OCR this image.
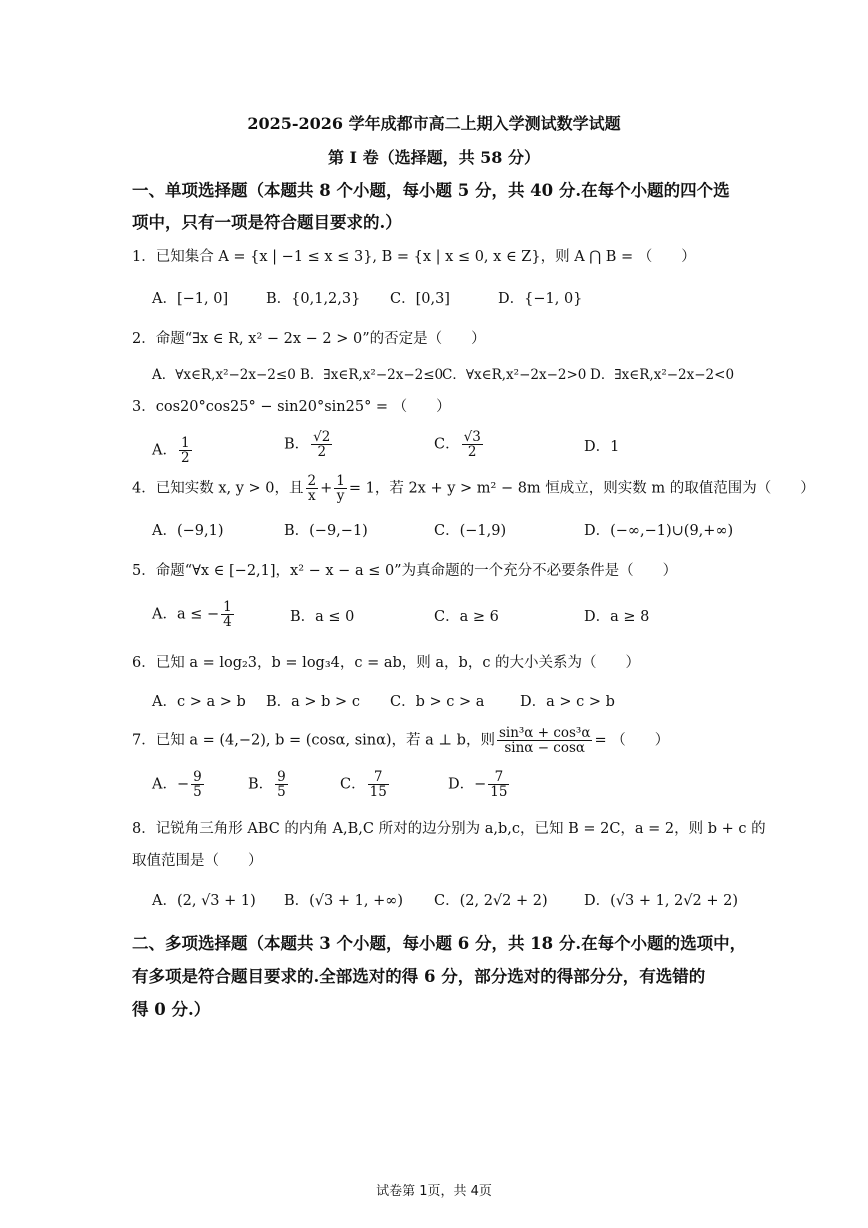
2025-2026 学年成都市高二上期入学测试数学试题
第 I 卷（选择题，共 58 分）
一、单项选择题（本题共 8 个小题，每小题 5 分，共 40 分.在每个小题的四个选
项中，只有一项是符合题目要求的.）
1．已知集合 A = {x | −1 ≤ x ≤ 3}, B = {x | x ≤ 0, x ∈ Z}，则 A ⋂ B = （　　）
A．[−1, 0]	B．{0,1,2,3} C．[0,3]	D．{−1, 0}
2．命题“∃x ∈ R, x² − 2x − 2 > 0”的否定是（　　）
A．∀x∈R,x²−2x−2≤0 B．∃x∈R,x²−2x−2≤0
C．∀x∈R,x²−2x−2>0 D．∃x∈R,x²−2x−2<0
3．cos20°cos25° − sin20°sin25° = （　　）
A． $\frac{1}{2}$	B． $\frac{√2}{2}$	C． $\frac{√3}{2}$	D．1
4．已知实数 x, y > 0，且 $\frac{2}{x} + \frac{1}{y} = 1$，若 2x + y > m² − 8m 恒成立，则实数 m 的取值范围为（　　）
A．(−9,1)	B．(−9,−1)	C．(−1,9)	D．(−∞,−1)∪(9,+∞)
5．命题“∀x ∈ [−2,1]，x² − x − a ≤ 0”为真命题的一个充分不必要条件是（　　）
A．a ≤ − $\frac{1}{4}$	B．a ≤ 0	C．a ≥ 6	D．a ≥ 8
6．已知 a = log₂3，b = log₃4，c = ab，则 a，b，c 的大小关系为（　　）
A．c > a > b B．a > b > c C．b > c > a D．a > c > b
7．已知 a = (4,−2), b = (cosα, sinα)，若 a ⊥ b，则 $\frac{\text{sin³α + cos³α}}{\sin\alpha - \cos\alpha}$ = （　　）
A．− $\frac{9}{5}$	B． $\frac{9}{5}$	C． $\frac{7}{15}$	D．− $\frac{7}{15}$
8．记锐角三角形 ABC 的内角 A,B,C 所对的边分别为 a,b,c，已知 B = 2C，a = 2，则 b + c 的
取值范围是（　　）
A．(2, √3 + 1) B．(√3 + 1, +∞) C．(2, 2√2 + 2)	D．(√3 + 1, 2√2 + 2)
二、多项选择题（本题共 3 个小题，每小题 6 分，共 18 分.在每个小题的选项中，
有多项是符合题目要求的.全部选对的得 6 分，部分选对的得部分分，有选错的
得 0 分.）
试卷第 1页，共 4页
